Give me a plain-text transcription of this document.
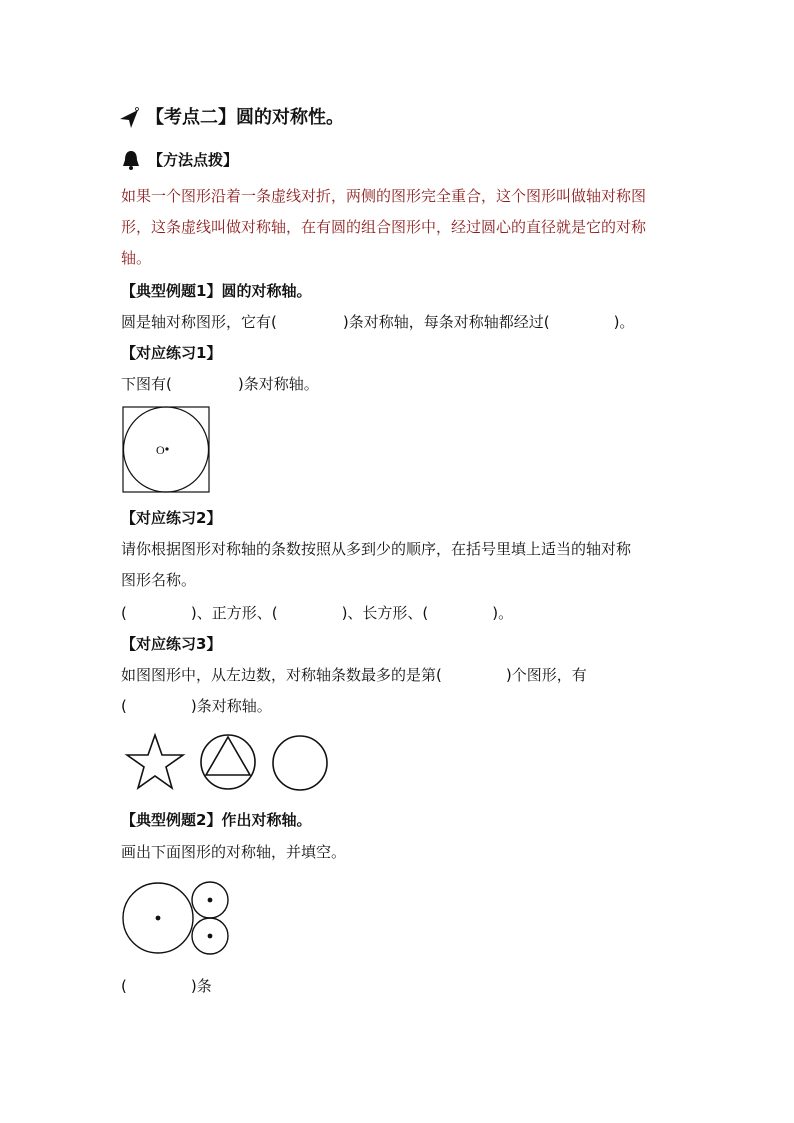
【考点二】圆的对称性。
【方法点拨】
如果一个图形沿着一条虚线对折，两侧的图形完全重合，这个图形叫做轴对称图
形，这条虚线叫做对称轴，在有圆的组合图形中，经过圆心的直径就是它的对称
轴。
【典型例题1】圆的对称轴。
圆是轴对称图形，它有(	)条对称轴，每条对称轴都经过(	)。
【对应练习1】
下图有(	)条对称轴。
O
【对应练习2】
请你根据图形对称轴的条数按照从多到少的顺序，在括号里填上适当的轴对称
图形名称。
(	)、正方形、(	)、长方形、(	)。
【对应练习3】
如图图形中，从左边数，对称轴条数最多的是第(	)个图形，有
(	)条对称轴。
【典型例题2】作出对称轴。
画出下面图形的对称轴，并填空。
(	)条
